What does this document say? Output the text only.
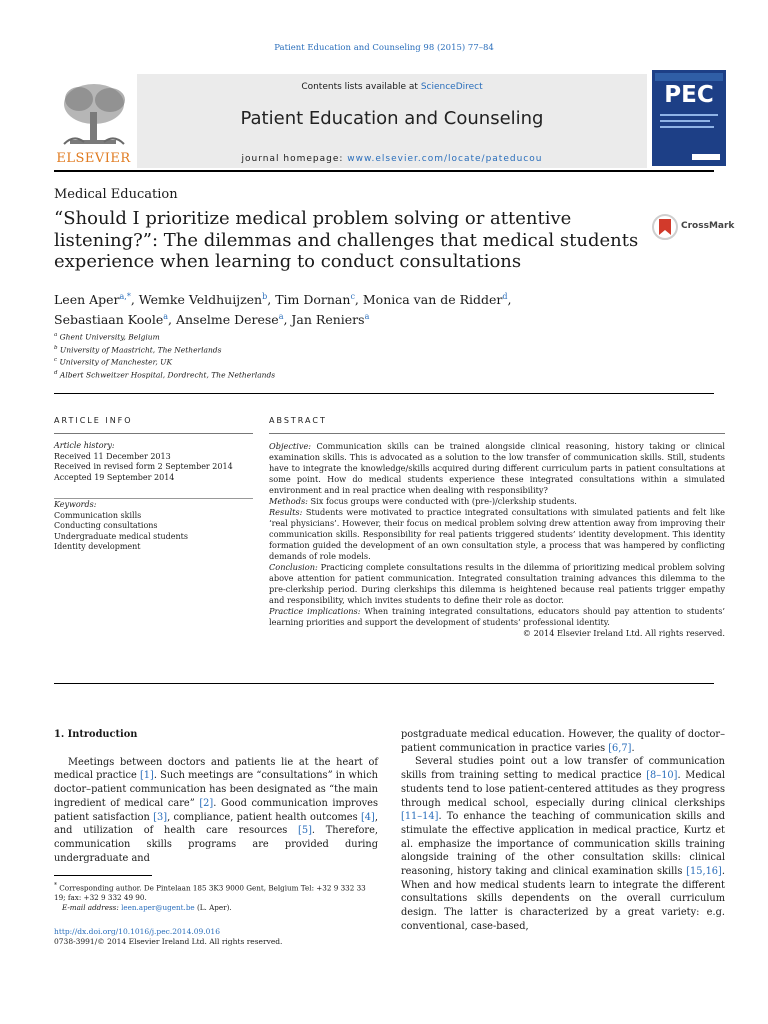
Patient Education and Counseling 98 (2015) 77–84
ELSEVIER
Contents lists available at ScienceDirect
Patient Education and Counseling
journal homepage: www.elsevier.com/locate/pateducou
PEC
Medical Education
“Should I prioritize medical problem solving or attentive listening?”: The dilemmas and challenges that medical students experience when learning to conduct consultations
CrossMark
Leen Aper$^{a,*}$, Wemke Veldhuijzen$^b$, Tim Dornan$^c$, Monica van de Ridder$^d$,
Sebastiaan Koole$^a$, Anselme Derese$^a$, Jan Reniers$^a$
$^a$ Ghent University, Belgium
$^b$ University of Maastricht, The Netherlands
$^c$ University of Manchester, UK
$^d$ Albert Schweitzer Hospital, Dordrecht, The Netherlands
ARTICLE INFO	ABSTRACT
Article history:
Received 11 December 2013
Received in revised form 2 September 2014
Accepted 19 September 2014
Keywords:
Communication skills
Conducting consultations
Undergraduate medical students
Identity development

Objective: Communication skills can be trained alongside clinical reasoning, history taking or clinical examination skills. This is advocated as a solution to the low transfer of communication skills. Still, students have to integrate the knowledge/skills acquired during different curriculum parts in patient consultations at some point. How do medical students experience these integrated consultations within a simulated environment and in real practice when dealing with responsibility?

Methods: Six focus groups were conducted with (pre-)/clerkship students.

Results: Students were motivated to practice integrated consultations with simulated patients and felt like ‘real physicians’. However, their focus on medical problem solving drew attention away from improving their communication skills. Responsibility for real patients triggered students’ identity development. This identity formation guided the development of an own consultation style, a process that was hampered by conflicting demands of role models.

Conclusion: Practicing complete consultations results in the dilemma of prioritizing medical problem solving above attention for patient communication. Integrated consultation training advances this dilemma to the pre-clerkship period. During clerkships this dilemma is heightened because real patients trigger empathy and responsibility, which invites students to define their role as doctor.

Practice implications: When training integrated consultations, educators should pay attention to students’ learning priorities and support the development of students’ professional identity.

© 2014 Elsevier Ireland Ltd. All rights reserved.

1. Introduction

Meetings between doctors and patients lie at the heart of medical practice [1]. Such meetings are “consultations” in which doctor–patient communication has been designated as “the main ingredient of medical care” [2]. Good communication improves patient satisfaction [3], compliance, patient health outcomes [4], and utilization of health care resources [5]. Therefore, communication skills programs are provided during undergraduate and

postgraduate medical education. However, the quality of doctor–patient communication in practice varies [6,7].

Several studies point out a low transfer of communication skills from training setting to medical practice [8–10]. Medical students tend to lose patient-centered attitudes as they progress through medical school, especially during clinical clerkships [11–14]. To enhance the teaching of communication skills and stimulate the effective application in medical practice, Kurtz et al. emphasize the importance of communication skills training alongside training of the other consultation skills: clinical reasoning, history taking and clinical examination skills [15,16]. When and how medical students learn to integrate the different consultations skills dependents on the overall curriculum design. The latter is characterized by a great variety: e.g. conventional, case-based,

* Corresponding author. De Pintelaan 185 3K3 9000 Gent, Belgium Tel: +32 9 332 33 19; fax: +32 9 332 49 90.
E-mail address: leen.aper@ugent.be (L. Aper).
http://dx.doi.org/10.1016/j.pec.2014.09.016
0738-3991/© 2014 Elsevier Ireland Ltd. All rights reserved.
